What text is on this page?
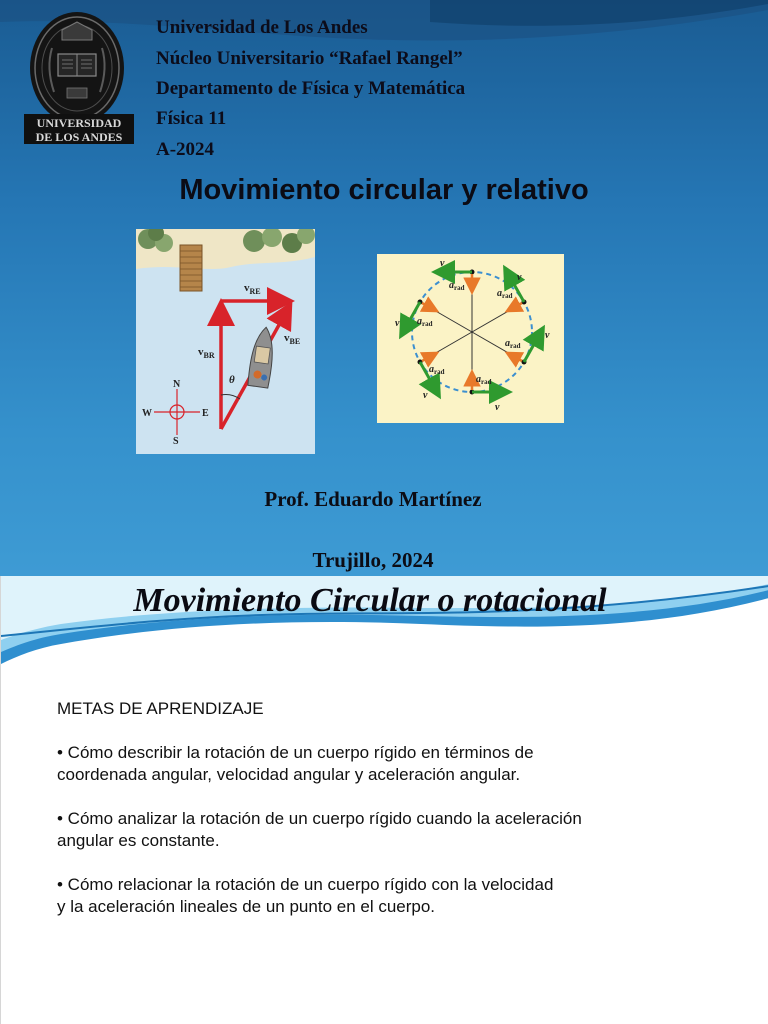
UNIVERSIDAD
DE LOS ANDES
Universidad de Los Andes
Núcleo Universitario “Rafael Rangel”
Departamento de Física y Matemática
Física 11
A-2024
Movimiento circular y relativo
$v_{RE}$
$v_{BE}$
$v_{BR}$
θ
N
S
E
W
v
v
v
v
v
v
$a_{rad}$	$a_{rad}$
$a_{rad}$
$a_{rad}$
$a_{rad}$
$a_{rad}$
Prof. Eduardo Martínez
Trujillo, 2024
Movimiento Circular o rotacional
METAS DE APRENDIZAJE
• Cómo describir la rotación de un cuerpo rígido en términos de
coordenada angular, velocidad angular y aceleración angular.
• Cómo analizar la rotación de un cuerpo rígido cuando la aceleración
angular es constante.
• Cómo relacionar la rotación de un cuerpo rígido con la velocidad
y la aceleración lineales de un punto en el cuerpo.
